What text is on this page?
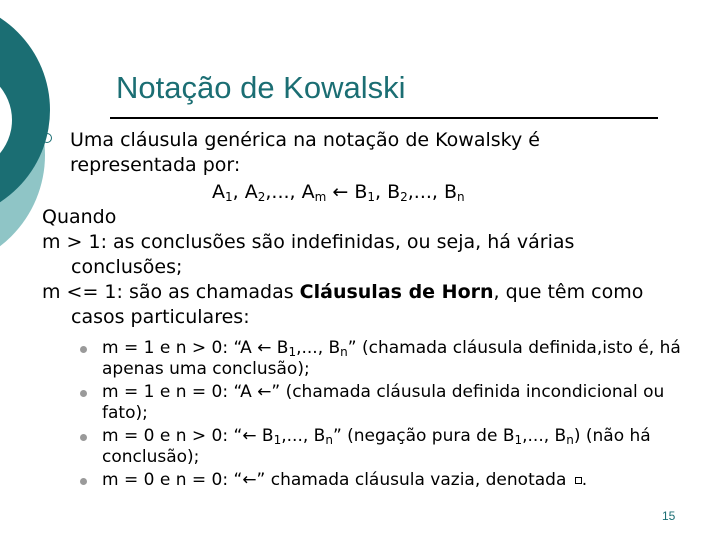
Notação de Kowalski
Uma cláusula genérica na notação de Kowalsky é
representada por:
$A_1$, $A_2$,..., $A_m$ ← $B_1$, $B_2$,..., $B_n$
Quando
m > 1: as conclusões são indefinidas, ou seja, há várias conclusões;
m <= 1: são as chamadas Cláusulas de Horn, que têm como casos particulares:
m = 1 e n > 0: “A ← $B_1$,..., $B_n$” (chamada cláusula definida,isto é, há apenas uma conclusão);
m = 1 e n = 0: “A ←” (chamada cláusula definida incondicional ou fato);
m = 0 e n > 0: “← $B_1$,..., $B_n$” (negação pura de $B_1$,..., $B_n$) (não há conclusão);
m = 0 e n = 0: “←” chamada cláusula vazia, denotada .
15
